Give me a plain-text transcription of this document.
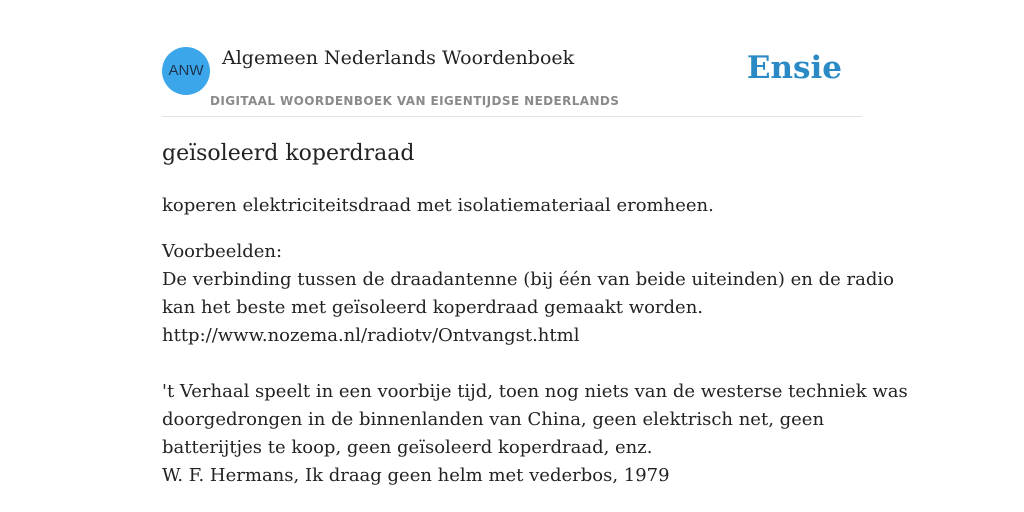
ANW
Algemeen Nederlands Woordenboek
DIGITAAL WOORDENBOEK VAN EIGENTIJDSE NEDERLANDS
Ensie
geïsoleerd koperdraad

koperen elektriciteitsdraad met isolatiemateriaal eromheen.

Voorbeelden:
De verbinding tussen de draadantenne (bij één van beide uiteinden) en de radio
kan het beste met geïsoleerd koperdraad gemaakt worden.
http://www.nozema.nl/radiotv/Ontvangst.html
't Verhaal speelt in een voorbije tijd, toen nog niets van de westerse techniek was
doorgedrongen in de binnenlanden van China, geen elektrisch net, geen
batterijtjes te koop, geen geïsoleerd koperdraad, enz.
W. F. Hermans, Ik draag geen helm met vederbos, 1979
